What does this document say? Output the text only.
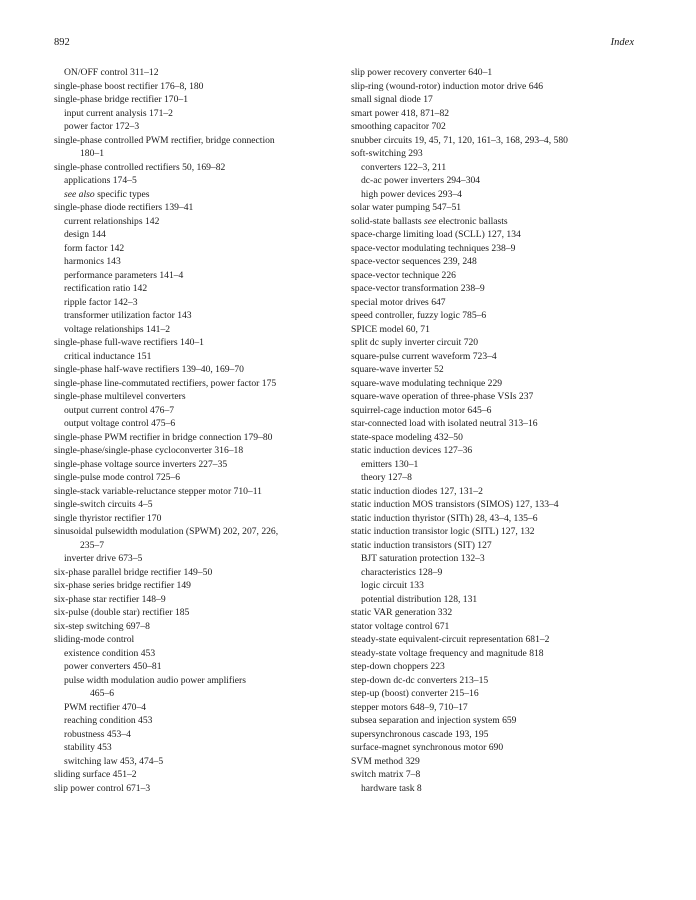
892	Index
ON/OFF control 311–12
single-phase boost rectifier 176–8, 180
single-phase bridge rectifier 170–1
input current analysis 171–2
power factor 172–3
single-phase controlled PWM rectifier, bridge connection
180–1
single-phase controlled rectifiers 50, 169–82
applications 174–5
see also specific types
single-phase diode rectifiers 139–41
current relationships 142
design 144
form factor 142
harmonics 143
performance parameters 141–4
rectification ratio 142
ripple factor 142–3
transformer utilization factor 143
voltage relationships 141–2
single-phase full-wave rectifiers 140–1
critical inductance 151
single-phase half-wave rectifiers 139–40, 169–70
single-phase line-commutated rectifiers, power factor 175
single-phase multilevel converters
output current control 476–7
output voltage control 475–6
single-phase PWM rectifier in bridge connection 179–80
single-phase/single-phase cycloconverter 316–18
single-phase voltage source inverters 227–35
single-pulse mode control 725–6
single-stack variable-reluctance stepper motor 710–11
single-switch circuits 4–5
single thyristor rectifier 170
sinusoidal pulsewidth modulation (SPWM) 202, 207, 226,
235–7
inverter drive 673–5
six-phase parallel bridge rectifier 149–50
six-phase series bridge rectifier 149
six-phase star rectifier 148–9
six-pulse (double star) rectifier 185
six-step switching 697–8
sliding-mode control
existence condition 453
power converters 450–81
pulse width modulation audio power amplifiers
465–6
PWM rectifier 470–4
reaching condition 453
robustness 453–4
stability 453
switching law 453, 474–5
sliding surface 451–2
slip power control 671–3
slip power recovery converter 640–1
slip-ring (wound-rotor) induction motor drive 646
small signal diode 17
smart power 418, 871–82
smoothing capacitor 702
snubber circuits 19, 45, 71, 120, 161–3, 168, 293–4, 580
soft-switching 293
converters 122–3, 211
dc-ac power inverters 294–304
high power devices 293–4
solar water pumping 547–51
solid-state ballasts see electronic ballasts
space-charge limiting load (SCLL) 127, 134
space-vector modulating techniques 238–9
space-vector sequences 239, 248
space-vector technique 226
space-vector transformation 238–9
special motor drives 647
speed controller, fuzzy logic 785–6
SPICE model 60, 71
split dc suply inverter circuit 720
square-pulse current waveform 723–4
square-wave inverter 52
square-wave modulating technique 229
square-wave operation of three-phase VSIs 237
squirrel-cage induction motor 645–6
star-connected load with isolated neutral 313–16
state-space modeling 432–50
static induction devices 127–36
emitters 130–1
theory 127–8
static induction diodes 127, 131–2
static induction MOS transistors (SIMOS) 127, 133–4
static induction thyristor (SITh) 28, 43–4, 135–6
static induction transistor logic (SITL) 127, 132
static induction transistors (SIT) 127
BJT saturation protection 132–3
characteristics 128–9
logic circuit 133
potential distribution 128, 131
static VAR generation 332
stator voltage control 671
steady-state equivalent-circuit representation 681–2
steady-state voltage frequency and magnitude 818
step-down choppers 223
step-down dc-dc converters 213–15
step-up (boost) converter 215–16
stepper motors 648–9, 710–17
subsea separation and injection system 659
supersynchronous cascade 193, 195
surface-magnet synchronous motor 690
SVM method 329
switch matrix 7–8
hardware task 8
